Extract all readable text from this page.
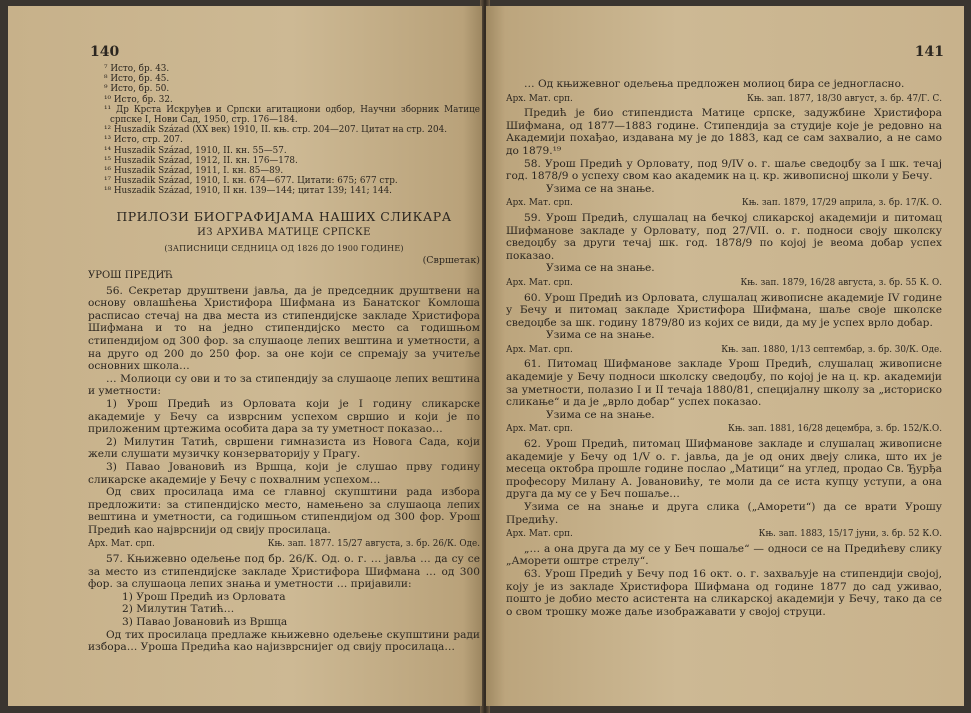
140

⁷ Исто, бр. 43.

⁸ Исто, бр. 45.

⁹ Исто, бр. 50.

¹⁰ Исто, бр. 32.

¹¹ Др Крста Искруђев и Српски агитациони одбор, Научни зборник Матице српске I, Нови Сад, 1950, стр. 176—184.

¹² Huszadik Század (XX век) 1910, II. књ. стр. 204—207. Цитат на стр. 204.

¹³ Исто, стр. 207.

¹⁴ Huszadik Század, 1910, II. кн. 55—57.

¹⁵ Huszadik Század, 1912, II. кн. 176—178.

¹⁶ Huszadik Század, 1911, I. кн. 85—89.

¹⁷ Huszadik Század, 1910, I. кн. 674—677. Цитати: 675; 677 стр.

¹⁸ Huszadik Század, 1910, II кн. 139—144; цитат 139; 141; 144.

ПРИЛОЗИ БИОГРАФИЈАМА НАШИХ СЛИКАРА

ИЗ АРХИВА МАТИЦЕ СРПСКЕ

(ЗАПИСНИЦИ СЕДНИЦА ОД 1826 ДО 1900 ГОДИНЕ)

(Свршетак)

УРОШ ПРЕДИЋ

56. Секретар друштвени јавља, да је председник друштвени на основу овлашћења Христифора Шифмана из Банатског Комлоша расписао стечај на два места из стипендијске закладе Христифора Шифмана и то на једно стипендијско место са годишњом стипендијом од 300 фор. за слушаоце лепих вештина и уметности, а на друго од 200 до 250 фор. за оне који се спремају за учитеље основних школа…

… Молиоци су ови и то за стипендију за слушаоце лепих вештина и уметности:

1) Урош Предић из Орловата који је I годину сликарске академије у Бечу са изврсним успехом свршио и који је по приложеним цртежима особита дара за ту уметност показао…

2) Милутин Татић, свршени гимназиста из Новога Сада, који жели слушати музичку конзерваторију у Прагу.

3) Павао Јовановић из Вршца, који је слушао прву годину сликарске академије у Бечу с похвалним успехом…

Од свих просилаца има се главној скупштини рада избора предложити: за стипендијско место, намењено за слушаоца лепих вештина и уметности, са годишњом стипендијом од 300 фор. Урош Предић као најврснији од свију просилаца.

Арх. Мат. срп.	Књ. зап. 1877. 15/27 августа, з. бр. 26/К. Оде.

57. Књижевно одељење под бр. 26/К. Од. о. г. … јавља … да су се за место из стипендијске закладе Христифора Шифмана … од 300 фор. за слушаоца лепих знања и уметности … пријавили:

1) Урош Предић из Орловата

2) Милутин Татић…

3) Павао Јовановић из Вршца

Од тих просилаца предлаже књижевно одељење скупштини ради избора… Уроша Предића као најизврснијег од свију просилаца…

141

… Од књижевног одељења предложен молиоц бира се једногласно.

Арх. Мат. срп.	Књ. зап. 1877, 18/30 август, з. бр. 47/Г. С.

Предић је био стипендиста Матице српске, задужбине Христифора Шифмана, од 1877—1883 године. Стипендија за студије које је редовно на Академији похађао, издавана му је до 1883, кад се сам захвалио, а не само до 1879.¹⁹

58. Урош Предић у Орловату, под 9/IV о. г. шаље сведоџбу за I шк. течај год. 1878/9 о успеху свом као академик на ц. кр. живописној школи у Бечу.

Узима се на знање.

Арх. Мат. срп.	Књ. зап. 1879, 17/29 априла, з. бр. 17/К. О.

59. Урош Предић, слушалац на бечкој сликарској академији и питомац Шифмановe закладе у Орловату, под 27/VII. о. г. подноси своју школску сведоџбу за други течај шк. год. 1878/9 по којој је веома добар успех показао.

Узима се на знање.

Арх. Мат. срп.	Књ. зап. 1879, 16/28 августа, з. бр. 55 К. О.

60. Урош Предић из Орловата, слушалац живописне академије IV године у Бечу и питомац закладе Христифора Шифмана, шаље своје школске сведоџбе за шк. годину 1879/80 из којих се види, да му је успех врло добар.

Узима се на знање.

Арх. Мат. срп.	Књ. зап. 1880, 1/13 септембар, з. бр. 30/К. Оде.

61. Питомац Шифмановe закладе Урош Предић, слушалац живописне академије у Бечу подноси школску сведоџбу, по којој је на ц. кр. академији за уметности, полазио I и II течаја 1880/81, специјалну школу за „историско сликање“ и да је „врло добар“ успех показао.

Узима се на знање.

Арх. Мат. срп.	Књ. зап. 1881, 16/28 децембра, з. бр. 152/К.О.

62. Урош Предић, питомац Шифмановe закладе и слушалац живописне академије у Бечу од 1/V о. г. јавља, да је од оних двеју слика, што их је месеца октобра прошле године послао „Матици“ на углед, продао Св. Ђурђа професору Милану А. Јовановићу, те моли да се иста купцу уступи, а она друга да му се у Беч пошаље…

Узима се на знање и друга слика („Аморети“) да се врати Урошу Предићу.

Арх. Мат. срп.	Књ. зап. 1883, 15/17 јуни, з. бр. 52 К.О.

„… а она друга да му се у Беч пошаље“ — односи се на Предићеву слику „Аморети оштре стрелу“.

63. Урош Предић у Бечу под 16 окт. о. г. захваљује на стипендији својој, коју је из закладе Христифора Шифмана од године 1877 до сад уживао, пошто је добио место асистента на сликарској академији у Бечу, тако да се о свом трошку може даље изображавати у својој струци.
